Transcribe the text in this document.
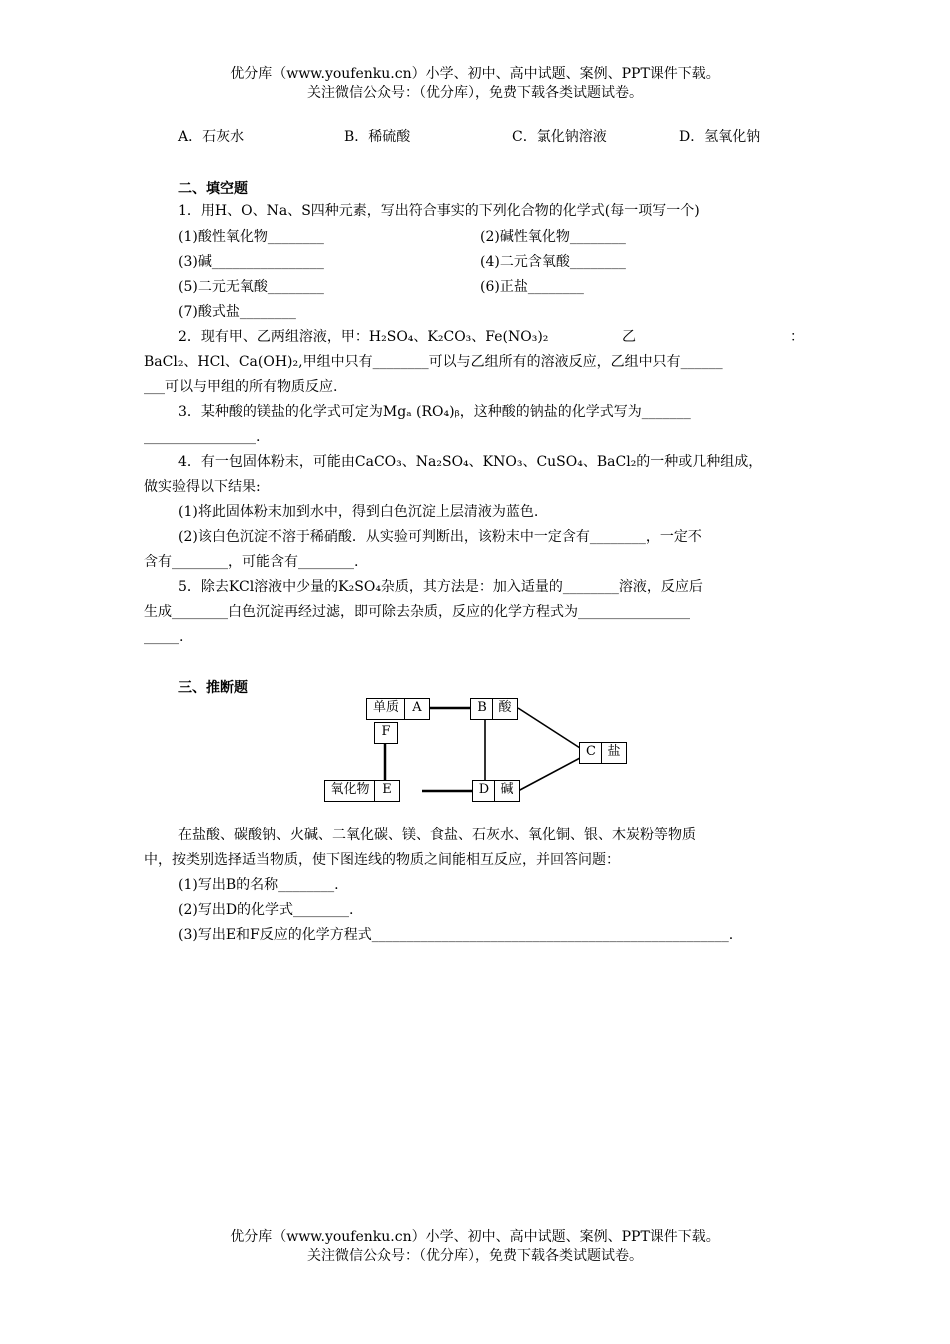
优分库（www.youfenku.cn）小学、初中、高中试题、案例、PPT课件下载。
关注微信公众号：（优分库），免费下载各类试题试卷。
A．石灰水	B．稀硫酸	C．氯化钠溶液	D．氢氧化钠
二、填空题
1．用H、O、Na、S四种元素，写出符合事实的下列化合物的化学式(每一项写一个)
(1)酸性氧化物________	(2)碱性氧化物________
(3)碱________________	(4)二元含氧酸________
(5)二元无氧酸________	(6)正盐________
(7)酸式盐________
2．现有甲、乙两组溶液，甲：H₂SO₄、K₂CO₃、Fe(NO₃)₂	乙	：
BaCl₂、HCl、Ca(OH)₂,甲组中只有________可以与乙组所有的溶液反应，乙组中只有______
___可以与甲组的所有物质反应.
3．某种酸的镁盐的化学式可定为Mgₐ (RO₄)ᵦ，这种酸的钠盐的化学式写为_______
________________.
4．有一包固体粉末，可能由CaCO₃、Na₂SO₄、KNO₃、CuSO₄、BaCl₂的一种或几种组成，
做实验得以下结果:
(1)将此固体粉末加到水中，得到白色沉淀上层清液为蓝色.
(2)该白色沉淀不溶于稀硝酸．从实验可判断出，该粉末中一定含有________，一定不
含有________，可能含有________.
5．除去KCl溶液中少量的K₂SO₄杂质，其方法是：加入适量的________溶液，反应后
生成________白色沉淀再经过滤，即可除去杂质，反应的化学方程式为________________
_____.
三、推断题
单质	A	B 酸
F
C 盐
氧化物 E	D 碱
在盐酸、碳酸钠、火碱、二氧化碳、镁、食盐、石灰水、氧化铜、银、木炭粉等物质
中，按类别选择适当物质，使下图连线的物质之间能相互反应，并回答问题：
(1)写出B的名称________.
(2)写出D的化学式________.
(3)写出E和F反应的化学方程式___________________________________________________.
优分库（www.youfenku.cn）小学、初中、高中试题、案例、PPT课件下载。
关注微信公众号：（优分库），免费下载各类试题试卷。
